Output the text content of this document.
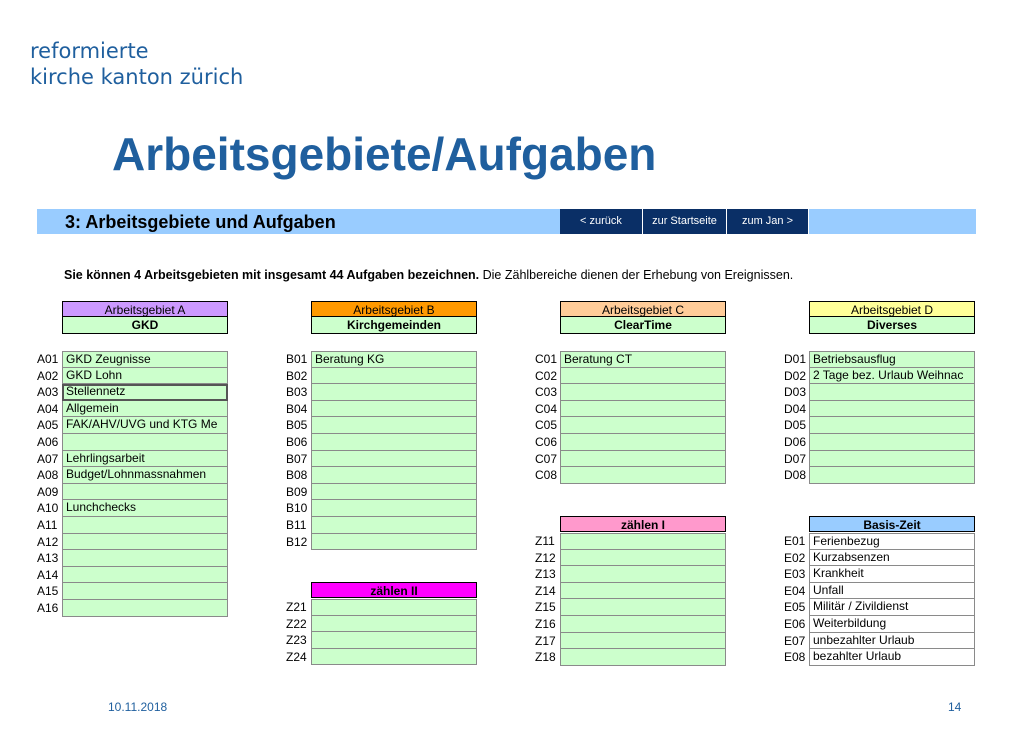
reformierte
kirche kanton zürich
Arbeitsgebiete/Aufgaben
3: Arbeitsgebiete und Aufgaben	< zurück	zur Startseite	zum Jan >
Sie können 4 Arbeitsgebieten mit insgesamt 44 Aufgaben bezeichnen. Die Zählbereiche dienen der Erhebung von Ereignissen.
Arbeitsgebiet A
GKD
A01 GKD Zeugnisse
A02 GKD Lohn
A03 Stellennetz
A04 Allgemein
A05 FAK/AHV/UVG und KTG Me
A06
A07 Lehrlingsarbeit
A08 Budget/Lohnmassnahmen
A09
A10 Lunchchecks
A11
A12
A13
A14
A15
A16
Arbeitsgebiet B
Kirchgemeinden
B01 Beratung KG
B02
B03
B04
B05
B06
B07
B08
B09
B10
B11
B12
Arbeitsgebiet C
ClearTime
C01 Beratung CT
C02
C03
C04
C05
C06
C07
C08
Arbeitsgebiet D
Diverses
D01 Betriebsausflug
D02 2 Tage bez. Urlaub Weihnac
D03
D04
D05
D06
D07
D08
zählen II
Z21
Z22
Z23
Z24
zählen I
Z11
Z12
Z13
Z14
Z15
Z16
Z17
Z18
Basis-Zeit
E01 Ferienbezug
E02 Kurzabsenzen
E03 Krankheit
E04 Unfall
E05 Militär / Zivildienst
E06 Weiterbildung
E07 unbezahlter Urlaub
E08 bezahlter Urlaub
10.11.2018	14
